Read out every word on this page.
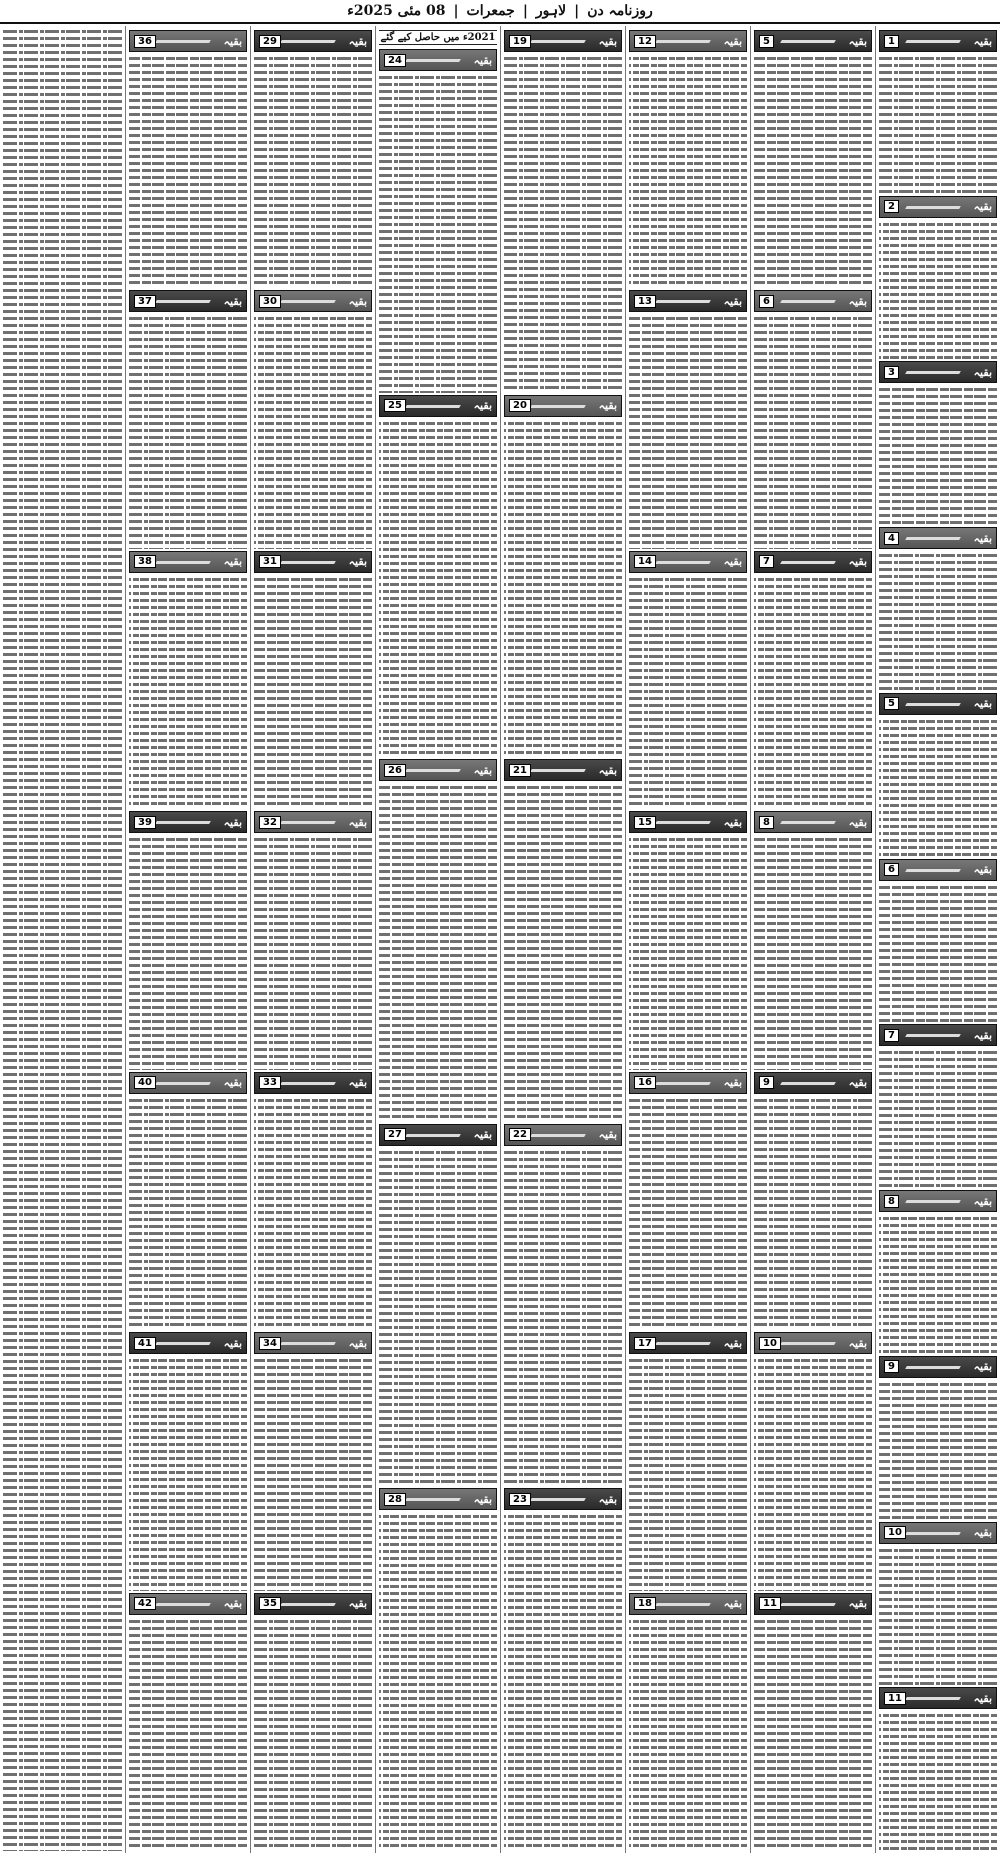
روزنامہ دن
|
لاہور
|
جمعرات
|
08 مئی 2025ء
بقیہ
1
بقیہ
2
بقیہ
3
بقیہ
4
بقیہ
5
بقیہ
6
بقیہ
7
بقیہ
8
بقیہ
9
بقیہ
10
بقیہ
11
بقیہ
5
بقیہ
6
بقیہ
7
بقیہ
8
بقیہ
9
بقیہ
10
بقیہ
11
بقیہ
12
بقیہ
13
بقیہ
14
بقیہ
15
بقیہ
16
بقیہ
17
بقیہ
18
بقیہ
19
بقیہ
20
بقیہ
21
بقیہ
22
بقیہ
23
2021ء میں حاصل کیے گئے
بقیہ
24
بقیہ
25
بقیہ
26
بقیہ
27
بقیہ
28
بقیہ
29
بقیہ
30
بقیہ
31
بقیہ
32
بقیہ
33
بقیہ
34
بقیہ
35
بقیہ
36
بقیہ
37
بقیہ
38
بقیہ
39
بقیہ
40
بقیہ
41
بقیہ
42
